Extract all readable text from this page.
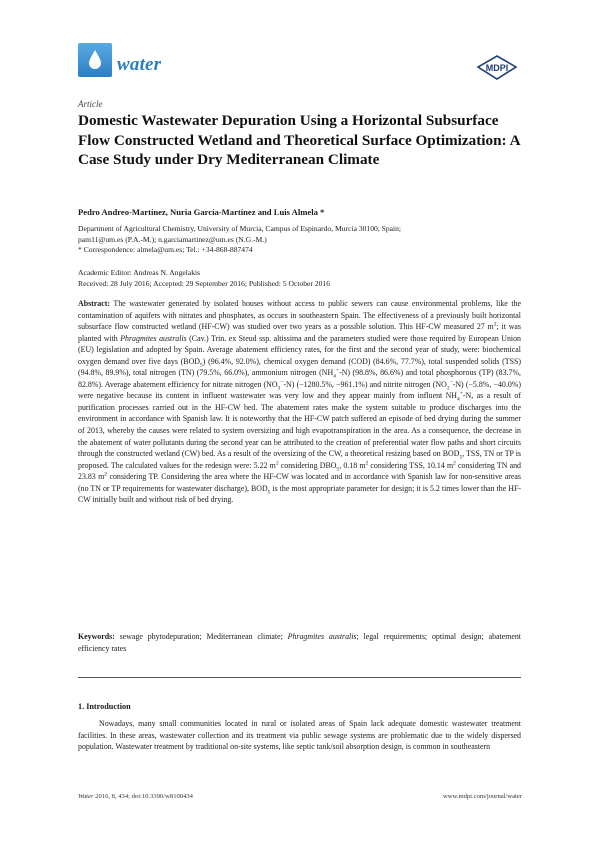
water	MDPI
Article
Domestic Wastewater Depuration Using a Horizontal Subsurface Flow Constructed Wetland and Theoretical Surface Optimization: A Case Study under Dry Mediterranean Climate
Pedro Andreo-Martínez, Nuria García-Martínez and Luis Almela *
Department of Agricultural Chemistry, University of Murcia, Campus of Espinardo, Murcia 30100, Spain;
pam11@um.es (P.A.-M.); n.garciamartinez@um.es (N.G.-M.)
* Correspondence: almela@um.es; Tel.: +34-868-887474
Academic Editor: Andreas N. Angelakis
Received: 28 July 2016; Accepted: 29 September 2016; Published: 5 October 2016
Abstract: The wastewater generated by isolated houses without access to public sewers can cause environmental problems, like the contamination of aquifers with nitrates and phosphates, as occurs in southeastern Spain. The effectiveness of a previously built horizontal subsurface flow constructed wetland (HF-CW) was studied over two years as a possible solution. This HF-CW measured 27 $m^2$; it was planted with Phragmites australis (Cav.) Trin. ex Steud ssp. altissima and the parameters studied were those required by European Union (EU) legislation and adopted by Spain. Average abatement efficiency rates, for the first and the second year of study, were: biochemical oxygen demand over five days $(BOD_5)$ (96.4%, 92.0%), chemical oxygen demand (COD) (84.6%, 77.7%), total suspended solids (TSS) (94.8%, 89.9%), total nitrogen (TN) (79.5%, 66.0%), ammonium nitrogen $(NH_4^+-N)$ (98.8%, 86.6%) and total phosphorous (TP) (83.7%, 82.8%). Average abatement efficiency for nitrate nitrogen $(NO_3^--N)$ (−1280.5%, −961.1%) and nitrite nitrogen $(NO_2^--N)$ (−5.8%, −40.0%) were negative because its content in influent wastewater was very low and they appear mainly from influent $NH_4^+-N$, as a result of purification processes carried out in the HF-CW bed. The abatement rates make the system suitable to produce discharges into the environment in accordance with Spanish law. It is noteworthy that the HF-CW patch suffered an episode of bed drying during the summer of 2013, whereby the causes were related to system oversizing and high evapotranspiration in the area. As a consequence, the decrease in the abatement of water pollutants during the second year can be attributed to the creation of preferential water flow paths and short circuits through the constructed wetland (CW) bed. As a result of the oversizing of the CW, a theoretical resizing based on $BOD_5$, TSS, TN or TP is proposed. The calculated values for the redesign were: 5.22 $m^2$ considering $DBO_5$, 0.18 $m^2$ considering TSS, 10.14 $m^2$ considering TN and 23.83 $m^2$ considering TP. Considering the area where the HF-CW was located and in accordance with Spanish law for non-sensitive areas (no TN or TP requirements for wastewater discharge), $BOD_5$ is the most appropriate parameter for design; it is 5.2 times lower than the HF-CW initially built and without risk of bed drying.
Keywords: sewage phytodepuration; Mediterranean climate; Phragmites australis; legal requirements; optimal design; abatement efficiency rates
1. Introduction
Nowadays, many small communities located in rural or isolated areas of Spain lack adequate domestic wastewater treatment facilities. In these areas, wastewater collection and its treatment via public sewage systems are problematic due to the widely dispersed population. Wastewater treatment by traditional on-site systems, like septic tank/soil absorption design, is common in southeastern
Water 2016, 8, 434; doi:10.3390/w8100434	www.mdpi.com/journal/water
